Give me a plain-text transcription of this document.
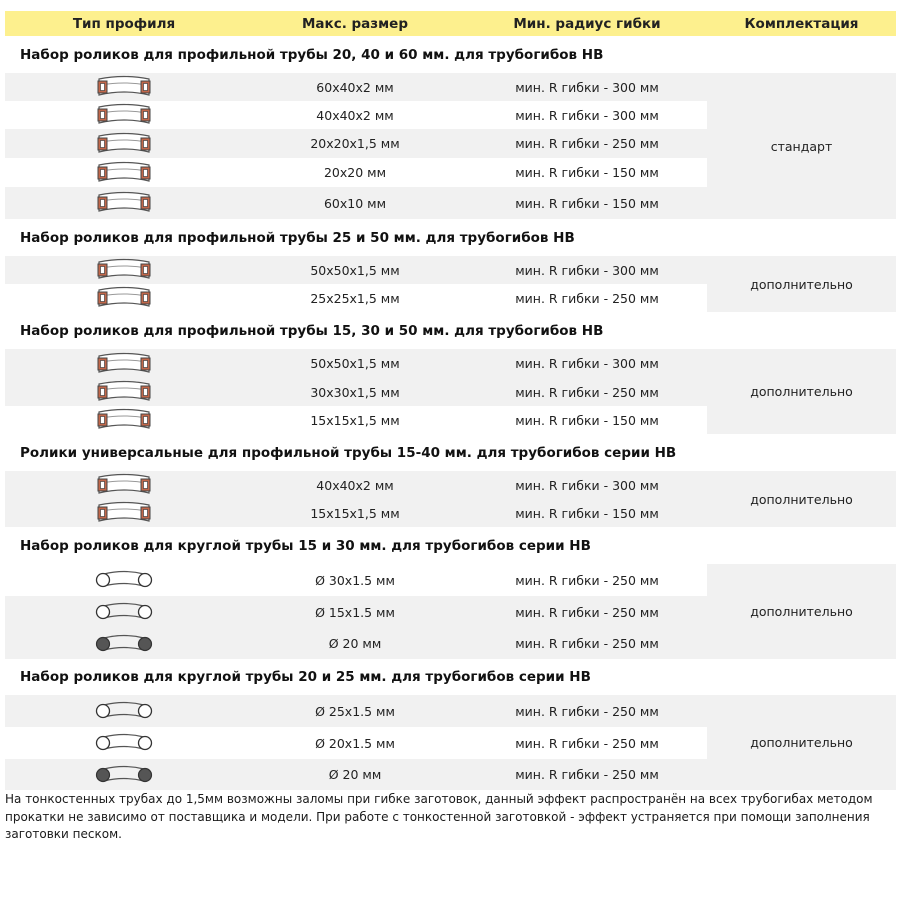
Тип профиля	Макс. размер	Мин. радиус гибки	Комплектация
Набор роликов для профильной трубы 20, 40 и 60 мм. для трубогибов НВ			

	60x40x2 мм	мин. R гибки - 300 мм	стандарт

	40x40x2 мм	мин. R гибки - 300 мм	

	20x20x1,5 мм	мин. R гибки - 250 мм	

	20x20 мм	мин. R гибки - 150 мм	

	60x10 мм	мин. R гибки - 150 мм	
Набор роликов для профильной трубы 25 и 50 мм. для трубогибов НВ			

	50x50x1,5 мм	мин. R гибки - 300 мм	дополнительно

	25x25x1,5 мм	мин. R гибки - 250 мм	
Набор роликов для профильной трубы 15, 30 и 50 мм. для трубогибов НВ			

	50x50x1,5 мм	мин. R гибки - 300 мм	дополнительно

	30x30x1,5 мм	мин. R гибки - 250 мм	

	15x15x1,5 мм	мин. R гибки - 150 мм	
Ролики универсальные для профильной трубы 15-40 мм. для трубогибов серии НВ			

	40x40x2 мм	мин. R гибки - 300 мм	дополнительно

	15x15x1,5 мм	мин. R гибки - 150 мм	
Набор роликов для круглой трубы 15 и 30 мм. для трубогибов серии НВ			

	Ø 30x1.5 мм	мин. R гибки - 250 мм	дополнительно

	Ø 15x1.5 мм	мин. R гибки - 250 мм	

	Ø 20 мм	мин. R гибки - 250 мм	
Набор роликов для круглой трубы 20 и 25 мм. для трубогибов серии НВ			

	Ø 25x1.5 мм	мин. R гибки - 250 мм	дополнительно

	Ø 20x1.5 мм	мин. R гибки - 250 мм	

	Ø 20 мм	мин. R гибки - 250 мм	
На тонкостенных трубах до 1,5мм возможны заломы при гибке заготовок, данный эффект распространён на всех трубогибах методом прокатки не зависимо от поставщика и модели. При работе с тонкостенной заготовкой - эффект устраняется при помощи заполнения заготовки песком.
